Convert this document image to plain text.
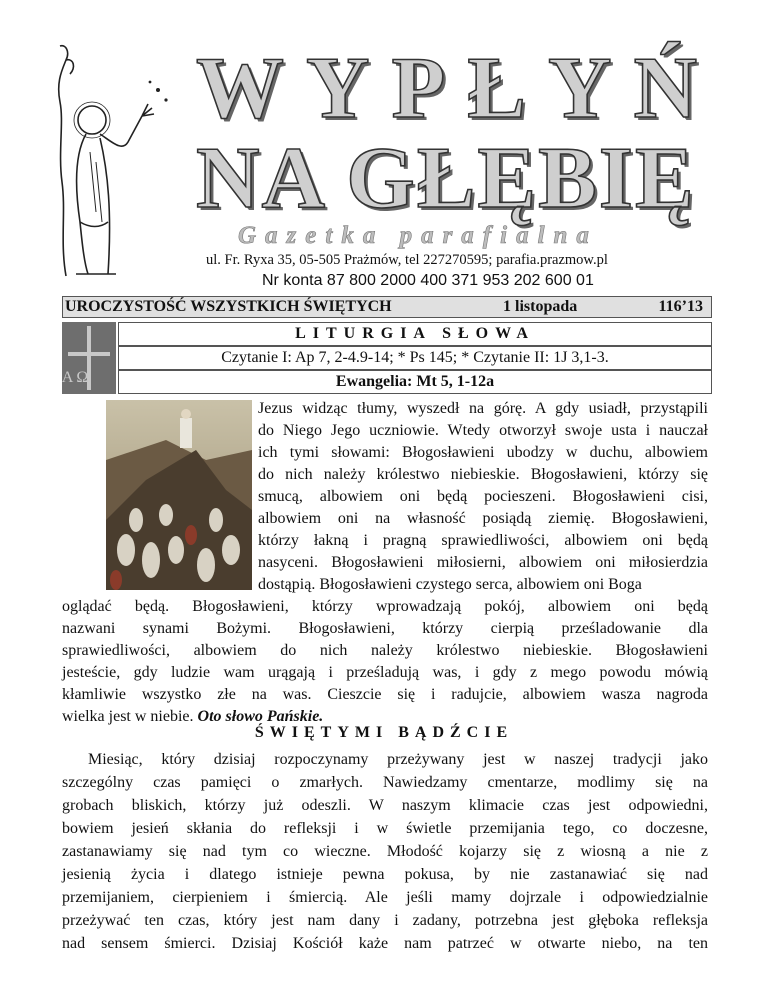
WYPŁYŃ
NA GŁĘBIĘ
Gazetka parafialna
ul. Fr. Ryxa 35, 05-505 Prażmów, tel 227270595; parafia.prazmow.pl
Nr konta 87 800 2000 400 371 953 202 600 01
UROCZYSTOŚĆ WSZYSTKICH ŚWIĘTYCH	1 listopada	116’13
A Ω
LITURGIA SŁOWA
Czytanie I: Ap 7, 2-4.9-14; * Ps 145; * Czytanie II: 1J 3,1-3.
Ewangelia: Mt 5, 1-12a
Jezus widząc tłumy, wyszedł na górę. A gdy usiadł, przystąpili
do Niego Jego uczniowie. Wtedy otworzył swoje usta i nauczał
ich tymi słowami: Błogosławieni ubodzy w duchu, albowiem
do nich należy królestwo niebieskie. Błogosławieni, którzy się
smucą, albowiem oni będą pocieszeni. Błogosławieni cisi,
albowiem oni na własność posiądą ziemię. Błogosławieni,
którzy łakną i pragną sprawiedliwości, albowiem oni będą
nasyceni. Błogosławieni miłosierni, albowiem oni miłosierdzia
dostąpią. Błogosławieni czystego serca, albowiem oni Boga
oglądać będą. Błogosławieni, którzy wprowadzają pokój, albowiem oni będą
nazwani synami Bożymi. Błogosławieni, którzy cierpią prześladowanie dla
sprawiedliwości, albowiem do nich należy królestwo niebieskie. Błogosławieni
jesteście, gdy ludzie wam urągają i prześladują was, i gdy z mego powodu mówią
kłamliwie wszystko złe na was. Cieszcie się i radujcie, albowiem wasza nagroda
wielka jest w niebie. Oto słowo Pańskie.
ŚWIĘTYMI BĄDŹCIE
Miesiąc, który dzisiaj rozpoczynamy przeżywany jest w naszej tradycji jako
szczególny czas pamięci o zmarłych. Nawiedzamy cmentarze, modlimy się na
grobach bliskich, którzy już odeszli. W naszym klimacie czas jest odpowiedni,
bowiem jesień skłania do refleksji i w świetle przemijania tego, co doczesne,
zastanawiamy się nad tym co wieczne. Młodość kojarzy się z wiosną a nie z
jesienią życia i dlatego istnieje pewna pokusa, by nie zastanawiać się nad
przemijaniem, cierpieniem i śmiercią. Ale jeśli mamy dojrzale i odpowiedzialnie
przeżywać ten czas, który jest nam dany i zadany, potrzebna jest głęboka refleksja
nad sensem śmierci. Dzisiaj Kościół każe nam patrzeć w otwarte niebo, na ten
